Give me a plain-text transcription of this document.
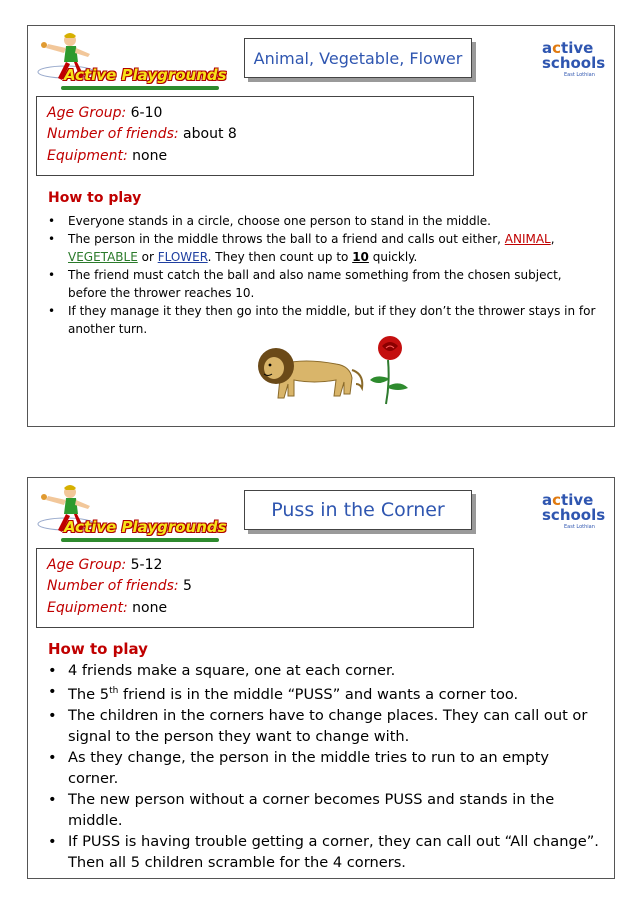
Active Playgrounds
Animal, Vegetable, Flower
active
schools
East Lothian
Age Group: 6-10
Number of friends: about 8
Equipment: none
How to play
• Everyone stands in a circle, choose one person to stand in the middle.
• The person in the middle throws the ball to a friend and calls out either, ANIMAL, VEGETABLE or FLOWER. They then count up to 10 quickly.
• The friend must catch the ball and also name something from the chosen subject, before the thrower reaches 10.
• If they manage it they then go into the middle, but if they don’t the thrower stays in for another turn.
Active Playgrounds
Puss in the Corner	active
schools
East Lothian
Age Group: 5-12
Number of friends: 5
Equipment: none
How to play
• 4 friends make a square, one at each corner.
• The 5th friend is in the middle “PUSS” and wants a corner too.
• The children in the corners have to change places. They can call out or signal to the person they want to change with.
• As they change, the person in the middle tries to run to an empty corner.
• The new person without a corner becomes PUSS and stands in the middle.
• If PUSS is having trouble getting a corner, they can call out “All change”. Then all 5 children scramble for the 4 corners.
